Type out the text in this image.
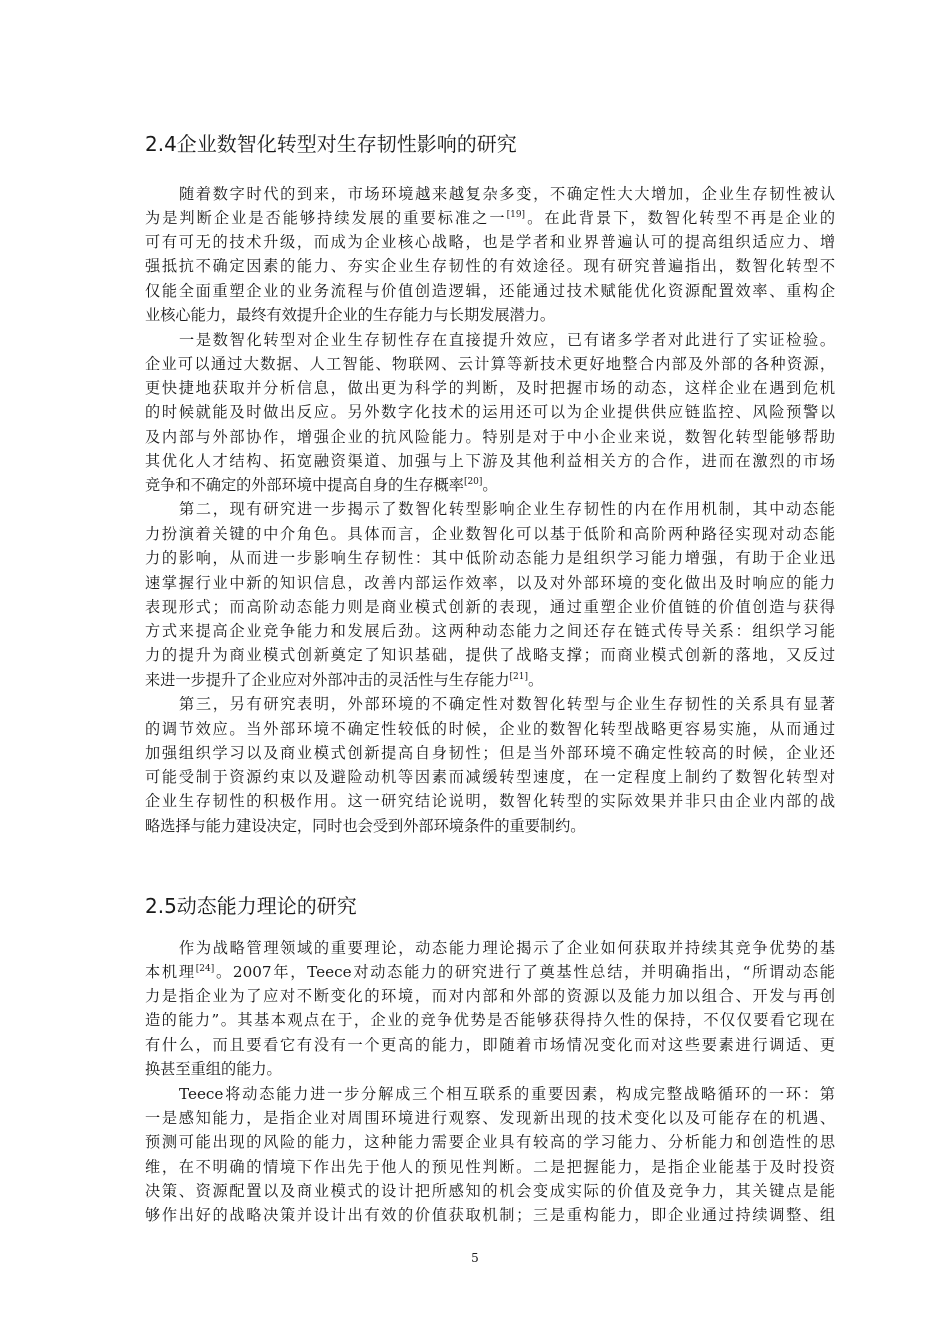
2.4企业数智化转型对生存韧性影响的研究
随着数字时代的到来，市场环境越来越复杂多变，不确定性大大增加，企业生存韧性被认
为是判断企业是否能够持续发展的重要标准之一[19]。在此背景下，数智化转型不再是企业的
可有可无的技术升级，而成为企业核心战略，也是学者和业界普遍认可的提高组织适应力、增
强抵抗不确定因素的能力、夯实企业生存韧性的有效途径。现有研究普遍指出，数智化转型不
仅能全面重塑企业的业务流程与价值创造逻辑，还能通过技术赋能优化资源配置效率、重构企
业核心能力，最终有效提升企业的生存能力与长期发展潜力。
一是数智化转型对企业生存韧性存在直接提升效应，已有诸多学者对此进行了实证检验。
企业可以通过大数据、人工智能、物联网、云计算等新技术更好地整合内部及外部的各种资源，
更快捷地获取并分析信息，做出更为科学的判断，及时把握市场的动态，这样企业在遇到危机
的时候就能及时做出反应。另外数字化技术的运用还可以为企业提供供应链监控、风险预警以
及内部与外部协作，增强企业的抗风险能力。特别是对于中小企业来说，数智化转型能够帮助
其优化人才结构、拓宽融资渠道、加强与上下游及其他利益相关方的合作，进而在激烈的市场
竞争和不确定的外部环境中提高自身的生存概率[20]。
第二，现有研究进一步揭示了数智化转型影响企业生存韧性的内在作用机制，其中动态能
力扮演着关键的中介角色。具体而言，企业数智化可以基于低阶和高阶两种路径实现对动态能
力的影响，从而进一步影响生存韧性：其中低阶动态能力是组织学习能力增强，有助于企业迅
速掌握行业中新的知识信息，改善内部运作效率，以及对外部环境的变化做出及时响应的能力
表现形式；而高阶动态能力则是商业模式创新的表现，通过重塑企业价值链的价值创造与获得
方式来提高企业竞争能力和发展后劲。这两种动态能力之间还存在链式传导关系：组织学习能
力的提升为商业模式创新奠定了知识基础，提供了战略支撑；而商业模式创新的落地，又反过
来进一步提升了企业应对外部冲击的灵活性与生存能力[21]。
第三，另有研究表明，外部环境的不确定性对数智化转型与企业生存韧性的关系具有显著
的调节效应。当外部环境不确定性较低的时候，企业的数智化转型战略更容易实施，从而通过
加强组织学习以及商业模式创新提高自身韧性；但是当外部环境不确定性较高的时候，企业还
可能受制于资源约束以及避险动机等因素而减缓转型速度，在一定程度上制约了数智化转型对
企业生存韧性的积极作用。这一研究结论说明，数智化转型的实际效果并非只由企业内部的战
略选择与能力建设决定，同时也会受到外部环境条件的重要制约。
2.5动态能力理论的研究
作为战略管理领域的重要理论，动态能力理论揭示了企业如何获取并持续其竞争优势的基
本机理[24]。2007年，Teece对动态能力的研究进行了奠基性总结，并明确指出，“所谓动态能
力是指企业为了应对不断变化的环境，而对内部和外部的资源以及能力加以组合、开发与再创
造的能力”。其基本观点在于，企业的竞争优势是否能够获得持久性的保持，不仅仅要看它现在
有什么，而且要看它有没有一个更高的能力，即随着市场情况变化而对这些要素进行调适、更
换甚至重组的能力。
Teece将动态能力进一步分解成三个相互联系的重要因素，构成完整战略循环的一环：第
一是感知能力，是指企业对周围环境进行观察、发现新出现的技术变化以及可能存在的机遇、
预测可能出现的风险的能力，这种能力需要企业具有较高的学习能力、分析能力和创造性的思
维，在不明确的情境下作出先于他人的预见性判断。二是把握能力，是指企业能基于及时投资
决策、资源配置以及商业模式的设计把所感知的机会变成实际的价值及竞争力，其关键点是能
够作出好的战略决策并设计出有效的价值获取机制；三是重构能力，即企业通过持续调整、组
5
